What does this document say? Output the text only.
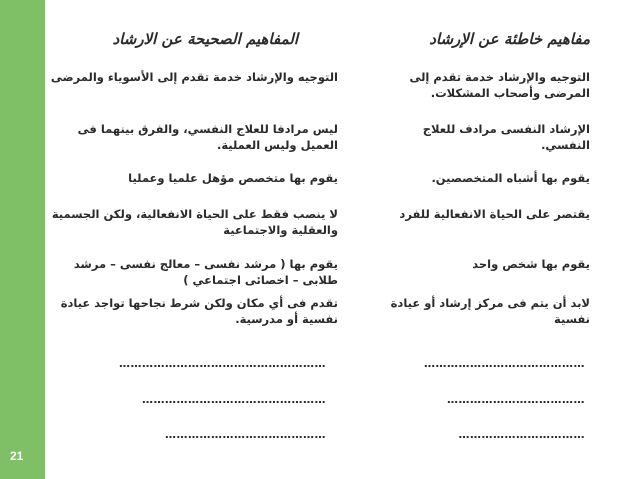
21
مفاهيم خاطئة عن الإرشاد
التوجيه والإرشاد خدمة تقدم إلى المرضى وأصحاب المشكلات.
الإرشاد النفسى مرادف للعلاج النفسي.
يقوم بها أشباه المتخصصين.
يقتصر على الحياة الانفعالية للفرد
يقوم بها شخص واحد
لابد أن يتم فى مركز إرشاد أو عيادة نفسية
……………………………………
………………………………
……………………………
المفاهيم الصحيحة عن الارشاد
التوجيه والإرشاد خدمة تقدم إلى الأسوياء والمرضى
ليس مرادفا للعلاج النفسي، والفرق بينهما فى العميل وليس العملية.
يقوم بها متخصص مؤهل علميا وعمليا
لا ينصب فقط على الحياة الانفعالية، ولكن الجسمية والعقلية والاجتماعية
يقوم بها ( مرشد نفسى – معالج نفسى – مرشد طلابى – اخصائى اجتماعي )
تقدم فى أي مكان ولكن شرط نجاحها تواجد عيادة نفسية أو مدرسية.
………………………………………………
…………………………………………
……………………………………
